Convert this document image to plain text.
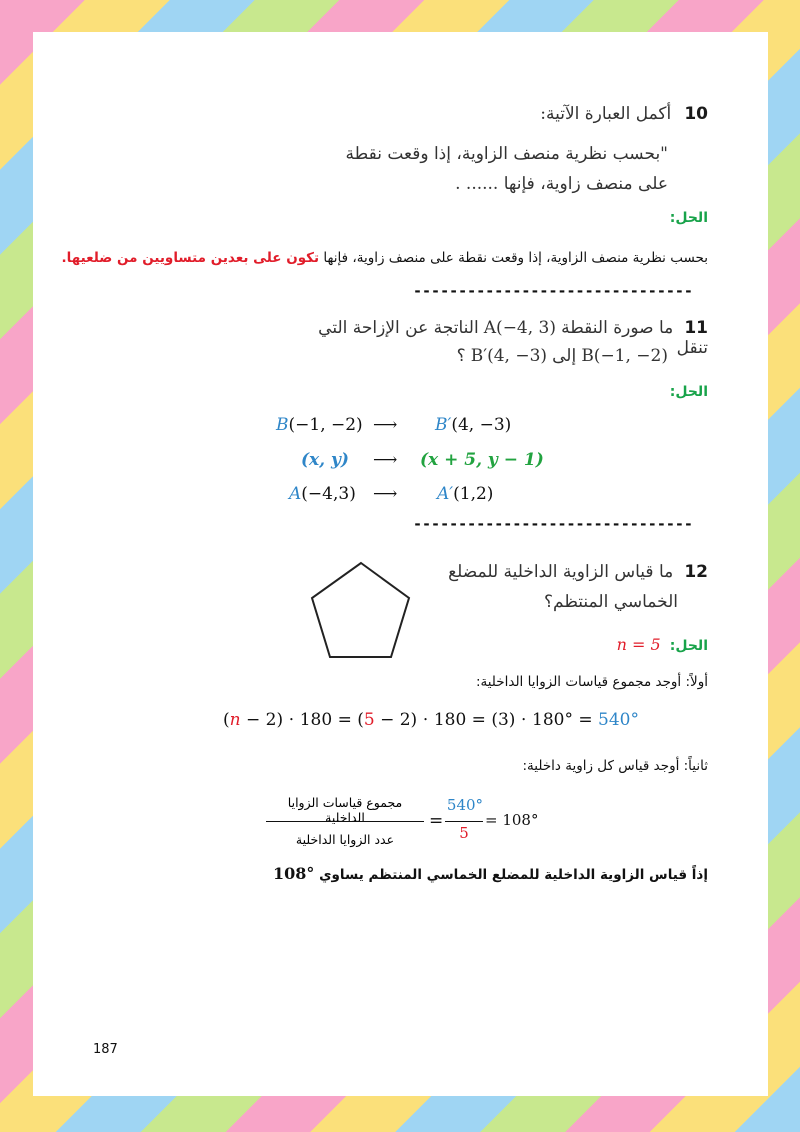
10 أكمل العبارة الآتية:
"بحسب نظرية منصف الزاوية، إذا وقعت نقطة
على منصف زاوية، فإنها ...... .
الحل:
بحسب نظرية منصف الزاوية، إذا وقعت نقطة على منصف زاوية، فإنها تكون على بعدين متساويين من ضلعيها.
-------------------------------
11 ما صورة النقطة A(−4, 3) الناتجة عن الإزاحة التي تنقل
B(−1, −2) إلى B′(4, −3) ؟
الحل:
B(−1, −2) ⟶ B′(4, −3)
(x, y) ⟶ (x + 5, y − 1)
A(−4,3) ⟶ A′(1,2)
-------------------------------
12 ما قياس الزاوية الداخلية للمضلع
الخماسي المنتظم؟
الحل: n = 5
أولاً: أوجد مجموع قياسات الزوايا الداخلية:
(n − 2) ⋅ 180 = (5 − 2) ⋅ 180 = (3) ⋅ 180° = 540°
ثانياً: أوجد قياس كل زاوية داخلية:
مجموع قياسات الزوايا الداخلية
عدد الزوايا الداخلية
=
540°
5
= 108°
إذاً قياس الزاوية الداخلية للمضلع الخماسي المنتظم يساوي 108°
187
